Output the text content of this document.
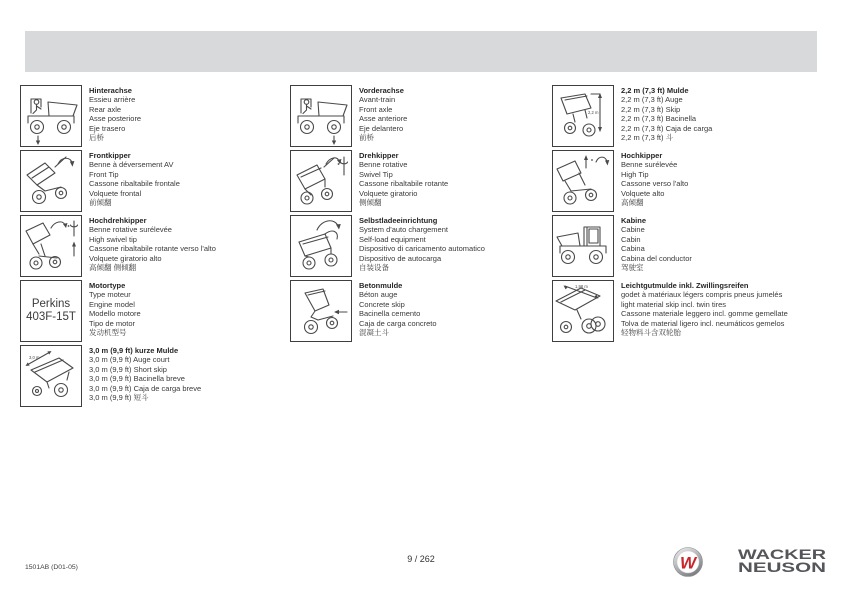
Hinterachse
Essieu arrière
Rear axle
Asse posteriore
Eje trasero
后桥
Frontkipper
Benne à déversement AV
Front Tip
Cassone ribaltabile frontale
Volquete frontal
前倾翻
Hochdrehkipper
Benne rotative surélevée
High swivel tip
Cassone ribaltabile rotante verso l'alto
Volquete giratorio alto
高倾翻 侧倾翻
Perkins
403F-15T
Motortype
Type moteur
Engine model
Modello motore
Tipo de motor
发动机型号
3,0 m
3,0 m (9,9 ft) kurze Mulde
3,0 m (9,9 ft) Auge court
3,0 m (9,9 ft) Short skip
3,0 m (9,9 ft) Bacinella breve
3,0 m (9,9 ft) Caja de carga breve
3,0 m (9,9 ft) 短斗
Vorderachse
Avant-train
Front axle
Asse anteriore
Eje delantero
前桥
Drehkipper
Benne rotative
Swivel Tip
Cassone ribaltabile rotante
Volquete giratorio
侧倾翻
Selbstladeeinrichtung
System d'auto chargement
Self-load equipment
Dispositivo di caricamento automatico
Dispositivo de autocarga
自装设备
Betonmulde
Béton auge
Concrete skip
Bacinella cemento
Caja de carga concreto
混凝土斗
2,2 m
2,2 m (7,3 ft) Mulde
2,2 m (7,3 ft) Auge
2,2 m (7,3 ft) Skip
2,2 m (7,3 ft) Bacinella
2,2 m (7,3 ft) Caja de carga
2,2 m (7,3 ft) 斗
Hochkipper
Benne surélevée
High Tip
Cassone verso l'alto
Volquete alto
高倾翻
Kabine
Cabine
Cabin
Cabina
Cabina del conductor
驾驶室
1,98 m	Leichtgutmulde inkl. Zwillingsreifen
godet à matériaux légers compris pneus jumelés
light material skip incl. twin tires
Cassone materiale leggero incl. gomme gemellate
Tolva de material ligero incl. neumáticos gemelos
轻物料斗含双轮胎
1501AB (D01-05)
9 / 262	W	WACKER
NEUSON
